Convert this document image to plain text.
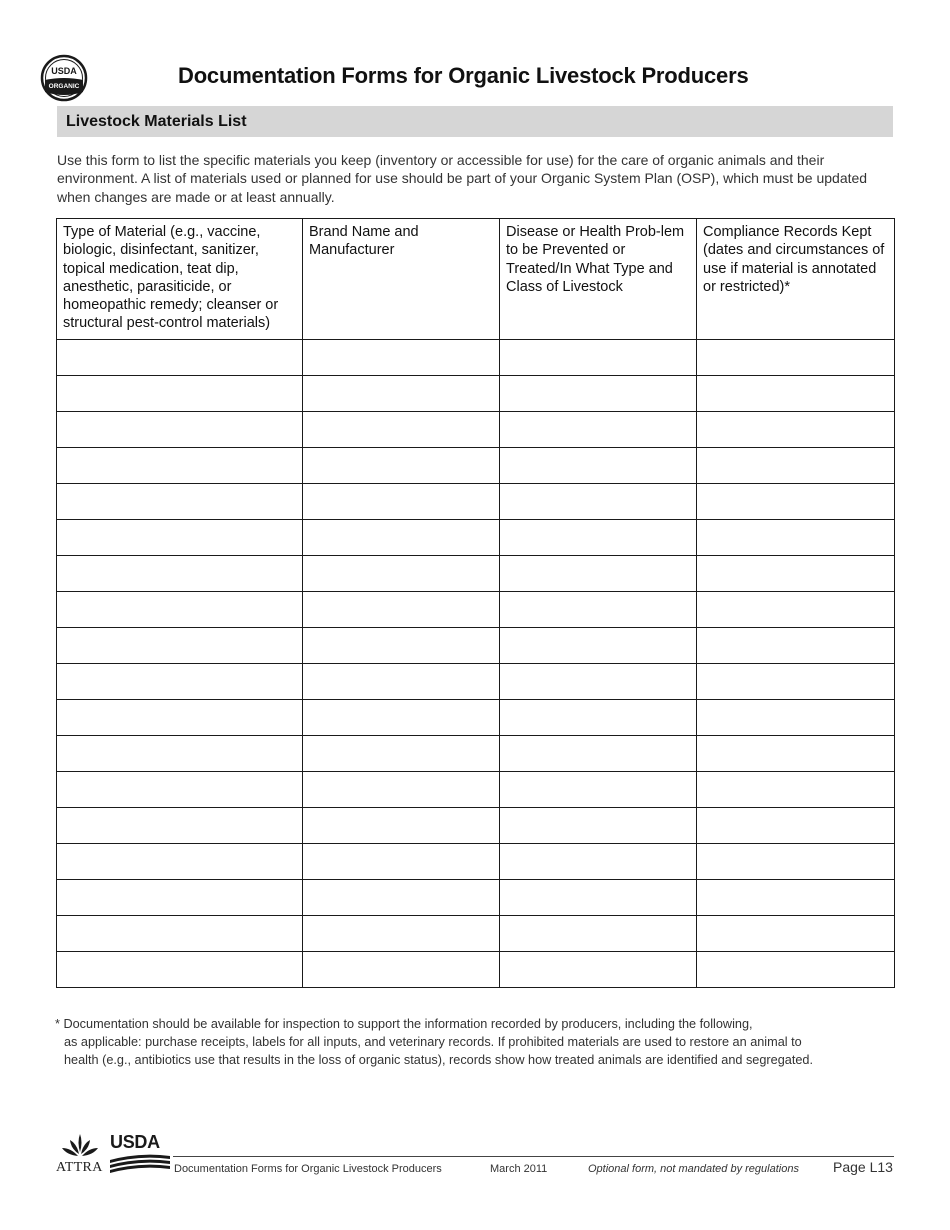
USDA
ORGANIC	Documentation Forms for Organic Livestock Producers
Livestock Materials List

Use this form to list the specific materials you keep (inventory or accessible for use) for the care of organic animals and their environment. A list of materials used or planned for use should be part of your Organic System Plan (OSP), which must be updated when changes are made or at least annually.

Type of Material (e.g., vaccine, biologic, disinfectant, sanitizer, topical medication, teat dip, anesthetic, parasiticide, or homeopathic remedy; cleanser or structural pest-control materials)	Brand Name and Manufacturer	Disease or Health Prob-lem to be Prevented or Treated/In What Type and Class of Livestock	Compliance Records Kept (dates and circumstances of use if material is annotated or restricted)*

* Documentation should be available for inspection to support the information recorded by producers, including the following,
as applicable: purchase receipts, labels for all inputs, and veterinary records. If prohibited materials are used to restore an animal to
health (e.g., antibiotics use that results in the loss of organic status), records show how treated animals are identified and segregated.

ATTRA
USDA
Documentation Forms for Organic Livestock Producers	March 2011	Optional form, not mandated by regulations Page L13
